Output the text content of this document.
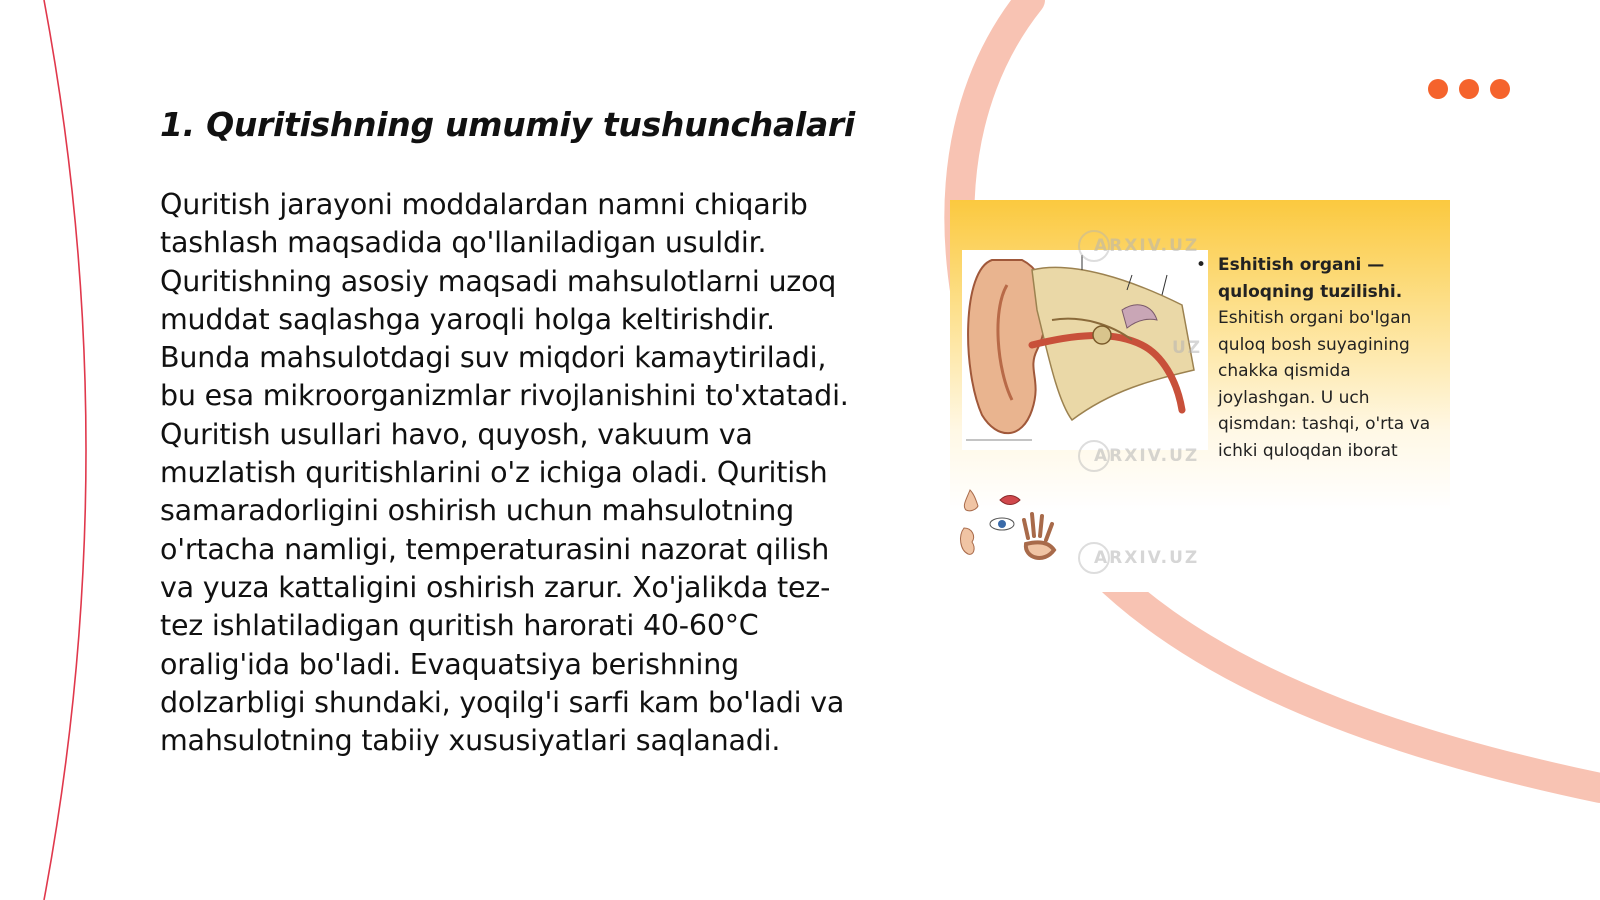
1. Quritishning umumiy tushunchalari

Quritish jarayoni moddalardan namni chiqarib tashlash maqsadida qo'llaniladigan usuldir. Quritishning asosiy maqsadi mahsulotlarni uzoq muddat saqlashga yaroqli holga keltirishdir. Bunda mahsulotdagi suv miqdori kamaytiriladi, bu esa mikroorganizmlar rivojlanishini to'xtatadi. Quritish usullari havo, quyosh, vakuum va muzlatish quritishlarini o'z ichiga oladi. Quritish samaradorligini oshirish uchun mahsulotning o'rtacha namligi, temperaturasini nazorat qilish va yuza kattaligini oshirish zarur. Xo'jalikda tez-tez ishlatiladigan quritish harorati 40-60°C oralig'ida bo'ladi. Evaquatsiya berishning dolzarbligi shundaki, yoqilg'i sarfi kam bo'ladi va mahsulotning tabiiy xususiyatlari saqlanadi.

ARXIV.UZ
UZ
ARXIV.UZ
ARXIV.UZ
• Eshitish organi — quloqning tuzilishi.
Eshitish organi bo'lgan quloq bosh suyagining chakka qismida joylashgan. U uch qismdan: tashqi, o'rta va ichki quloqdan iborat
